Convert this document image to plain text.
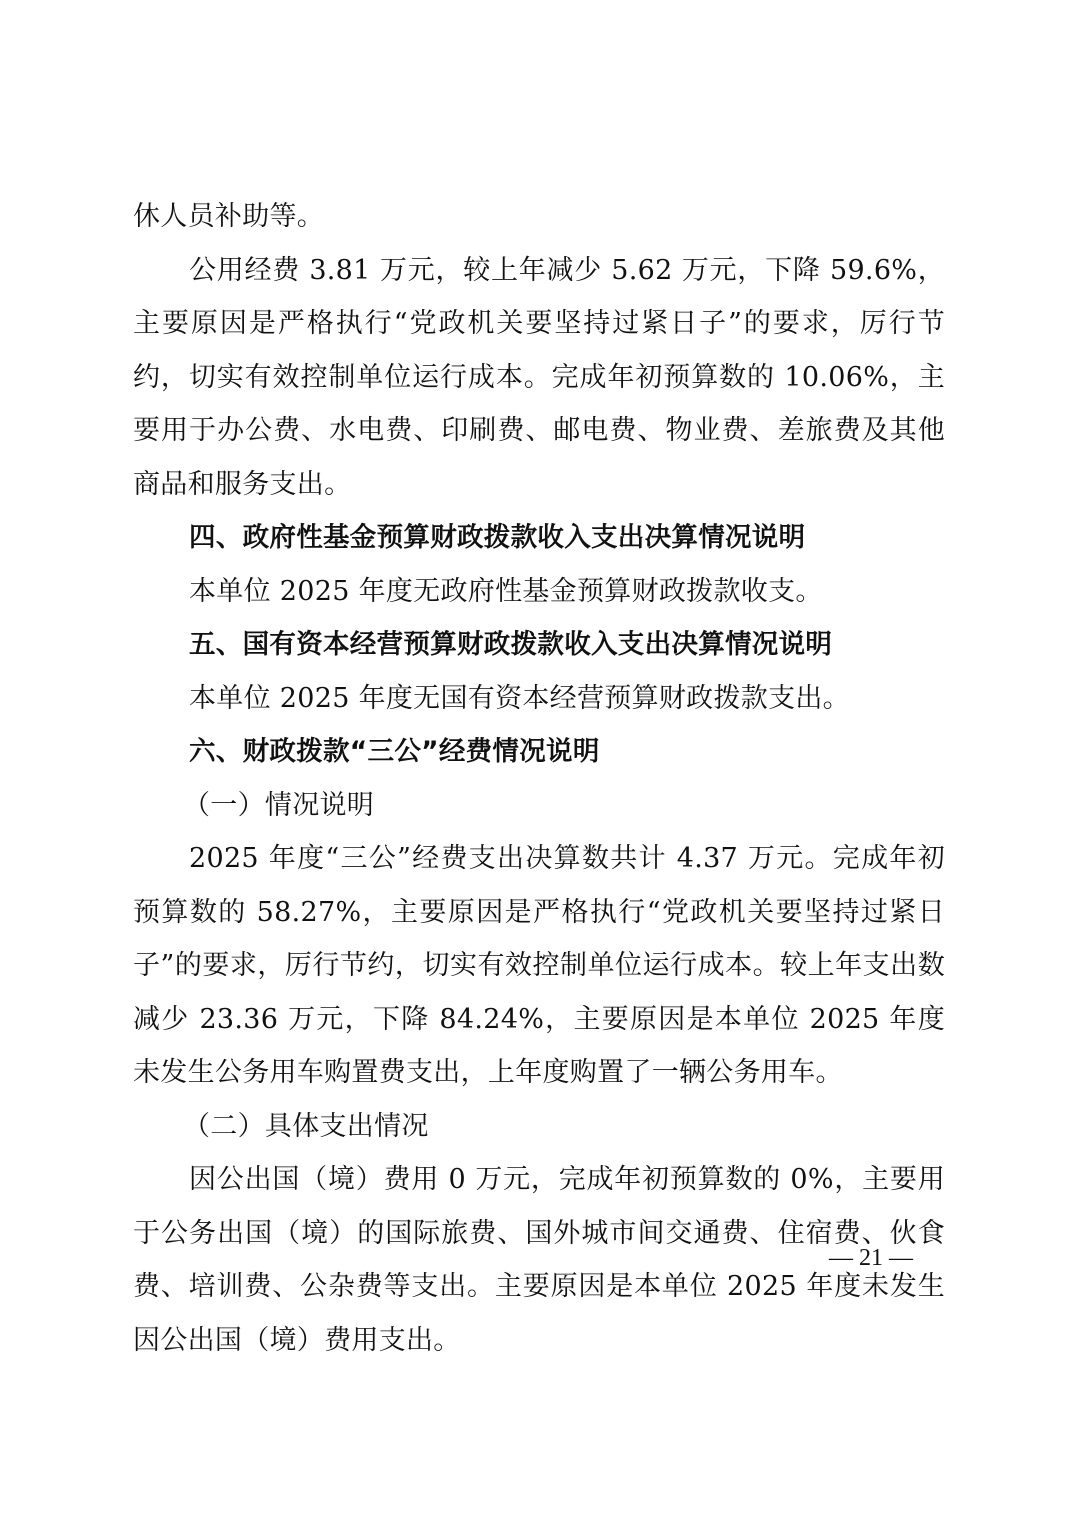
休人员补助等。

公用经费 3.81 万元，较上年减少 5.62 万元，下降 59.6%，主要原因是严格执行“党政机关要坚持过紧日子”的要求，厉行节约，切实有效控制单位运行成本。完成年初预算数的 10.06%，主要用于办公费、水电费、印刷费、邮电费、物业费、差旅费及其他商品和服务支出。

四、政府性基金预算财政拨款收入支出决算情况说明

本单位 2025 年度无政府性基金预算财政拨款收支。

五、国有资本经营预算财政拨款收入支出决算情况说明

本单位 2025 年度无国有资本经营预算财政拨款支出。

六、财政拨款“三公”经费情况说明

（一）情况说明

2025 年度“三公”经费支出决算数共计 4.37 万元。完成年初预算数的 58.27%，主要原因是严格执行“党政机关要坚持过紧日子”的要求，厉行节约，切实有效控制单位运行成本。较上年支出数减少 23.36 万元，下降 84.24%，主要原因是本单位 2025 年度未发生公务用车购置费支出，上年度购置了一辆公务用车。

（二）具体支出情况

因公出国（境）费用 0 万元，完成年初预算数的 0%，主要用于公务出国（境）的国际旅费、国外城市间交通费、住宿费、伙食费、培训费、公杂费等支出。主要原因是本单位 2025 年度未发生因公出国（境）费用支出。

— 21 —
